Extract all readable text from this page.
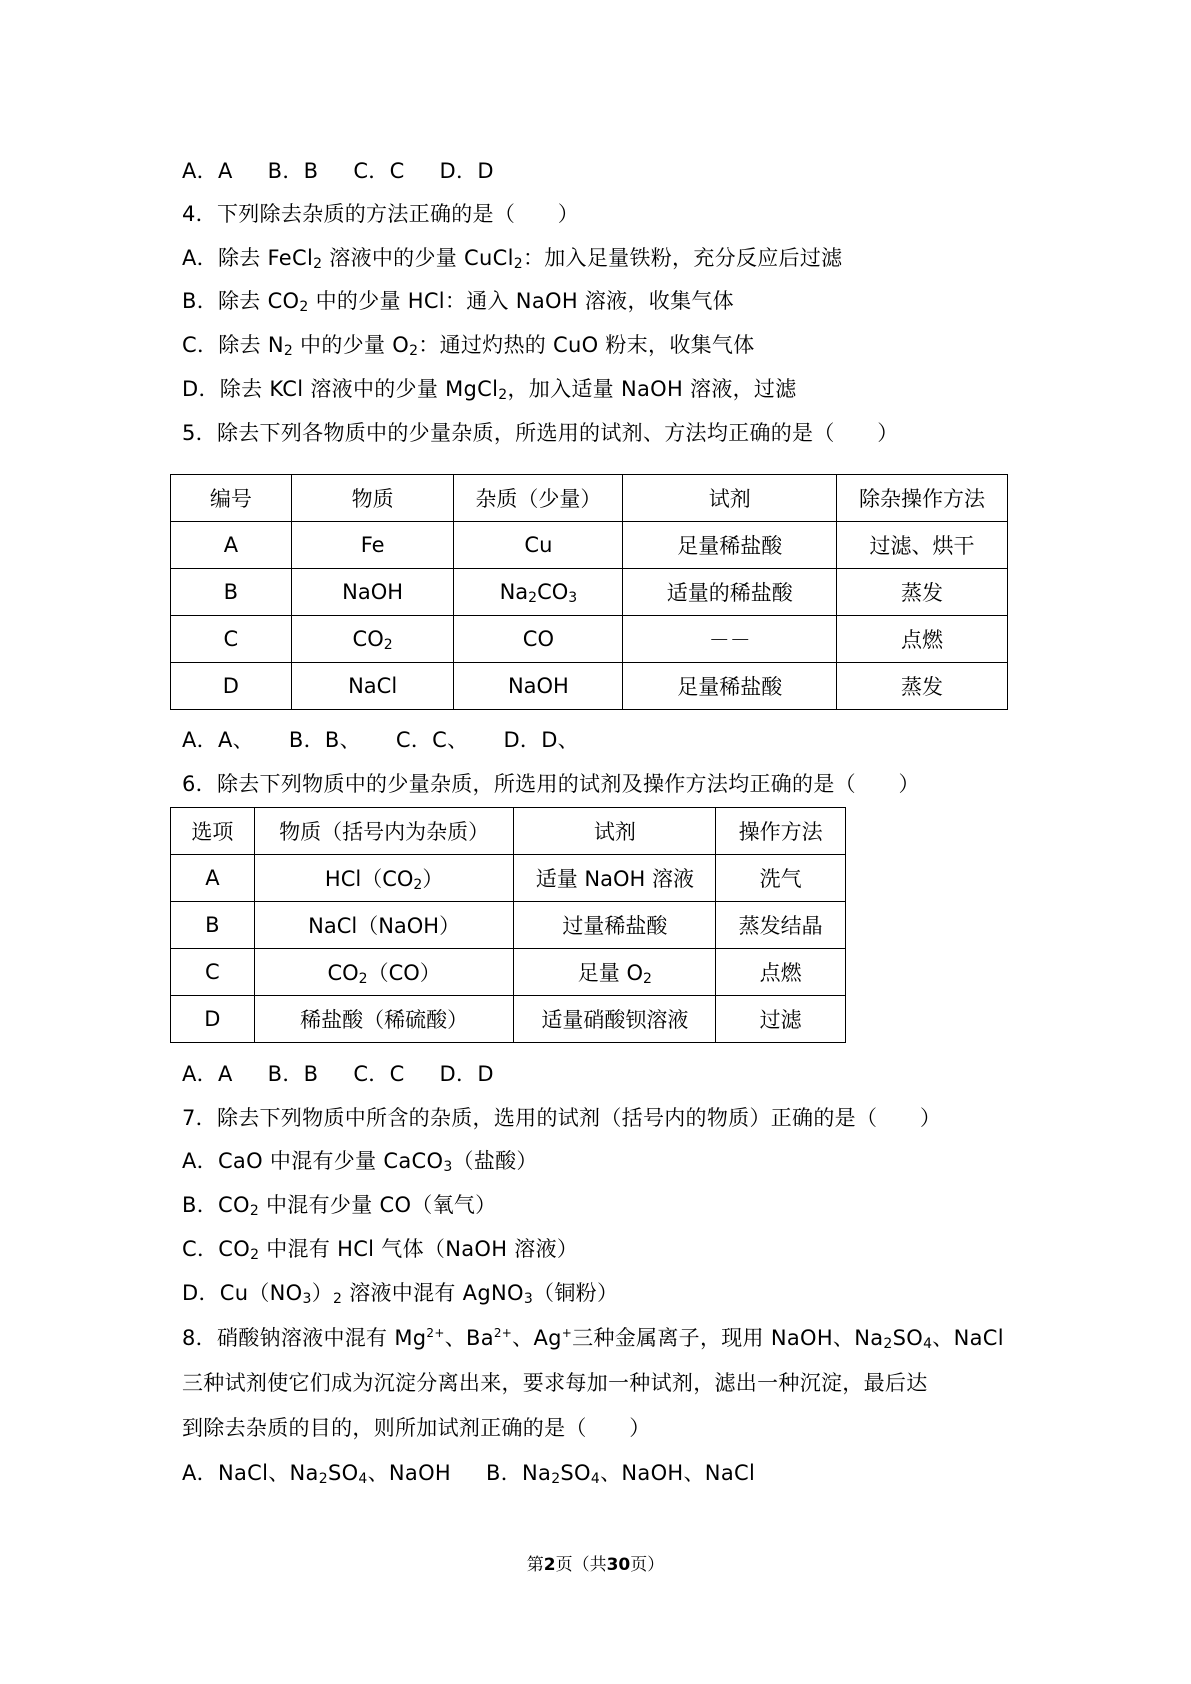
A．A B．B C．C D．D
4．下列除去杂质的方法正确的是（　　）
A．除去 FeCl$_2$ 溶液中的少量 CuCl$_2$：加入足量铁粉，充分反应后过滤
B．除去 $CO_2$ 中的少量 HCl：通入 NaOH 溶液，收集气体
C．除去 $N_2$ 中的少量 $O_2$：通过灼热的 CuO 粉末，收集气体
D．除去 KCl 溶液中的少量 MgCl$_2$，加入适量 NaOH 溶液，过滤
5．除去下列各物质中的少量杂质，所选用的试剂、方法均正确的是（　　）
编号	物质	杂质（少量）	试剂	除杂操作方法
A	Fe	Cu	足量稀盐酸	过滤、烘干
B	NaOH	$Na_2CO_3$	适量的稀盐酸	蒸发
C	$CO_2$	CO	－－	点燃
D	NaCl	NaOH	足量稀盐酸	蒸发
A．A、 B．B、 C．C、 D．D、
6．除去下列物质中的少量杂质，所选用的试剂及操作方法均正确的是（　　）
选项	物质（括号内为杂质）	试剂	操作方法
A	$HCl(CO_2)$	适量 NaOH 溶液	洗气
B	NaCl（NaOH）	过量稀盐酸	蒸发结晶
C	$CO_2(CO)$	足量 $O_2$	点燃
D	稀盐酸（稀硫酸）	适量硝酸钡溶液	过滤
A．A B．B C．C D．D
7．除去下列物质中所含的杂质，选用的试剂（括号内的物质）正确的是（　　）
A．CaO 中混有少量 CaCO$_3$（盐酸）
B．$CO_2$ 中混有少量 CO（氧气）
C．$CO_2$ 中混有 HCl 气体（NaOH 溶液）
D．$Cu(NO_3)_2$ 溶液中混有 AgNO$_3$（铜粉）
8．硝酸钠溶液中混有 $Mg^{2+}$、$Ba^{2+}$、Ag+三种金属离子，现用 NaOH、$Na_2SO_4$、NaCl
三种试剂使它们成为沉淀分离出来，要求每加一种试剂，滤出一种沉淀，最后达
到除去杂质的目的，则所加试剂正确的是（　　）
A．NaCl、$Na_2SO_4$、NaOH B．$Na_2SO_4$、NaOH、NaCl
第2页（共30页）
